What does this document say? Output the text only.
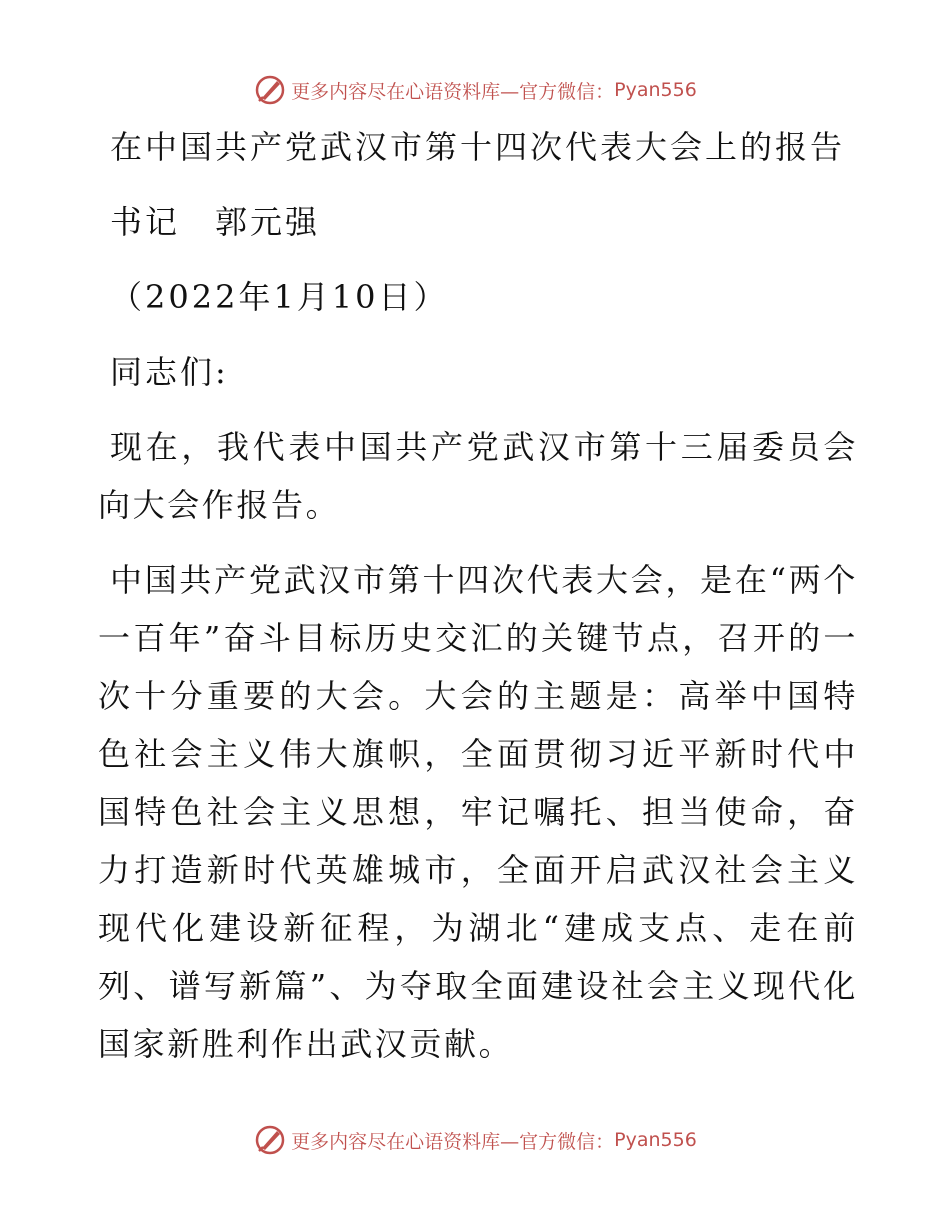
更多内容尽在心语资料库—官方微信： Pyan556

在中国共产党武汉市第十四次代表大会上的报告

书记　郭元强

（2022年1月10日）

同志们:

现在，我代表中国共产党武汉市第十三届委员会向大会作报告。

中国共产党武汉市第十四次代表大会，是在“两个一百年”奋斗目标历史交汇的关键节点，召开的一次十分重要的大会。大会的主题是：高举中国特色社会主义伟大旗帜，全面贯彻习近平新时代中国特色社会主义思想，牢记嘱托、担当使命，奋力打造新时代英雄城市，全面开启武汉社会主义现代化建设新征程，为湖北“建成支点、走在前列、谱写新篇”、为夺取全面建设社会主义现代化国家新胜利作出武汉贡献。

更多内容尽在心语资料库—官方微信： Pyan556
